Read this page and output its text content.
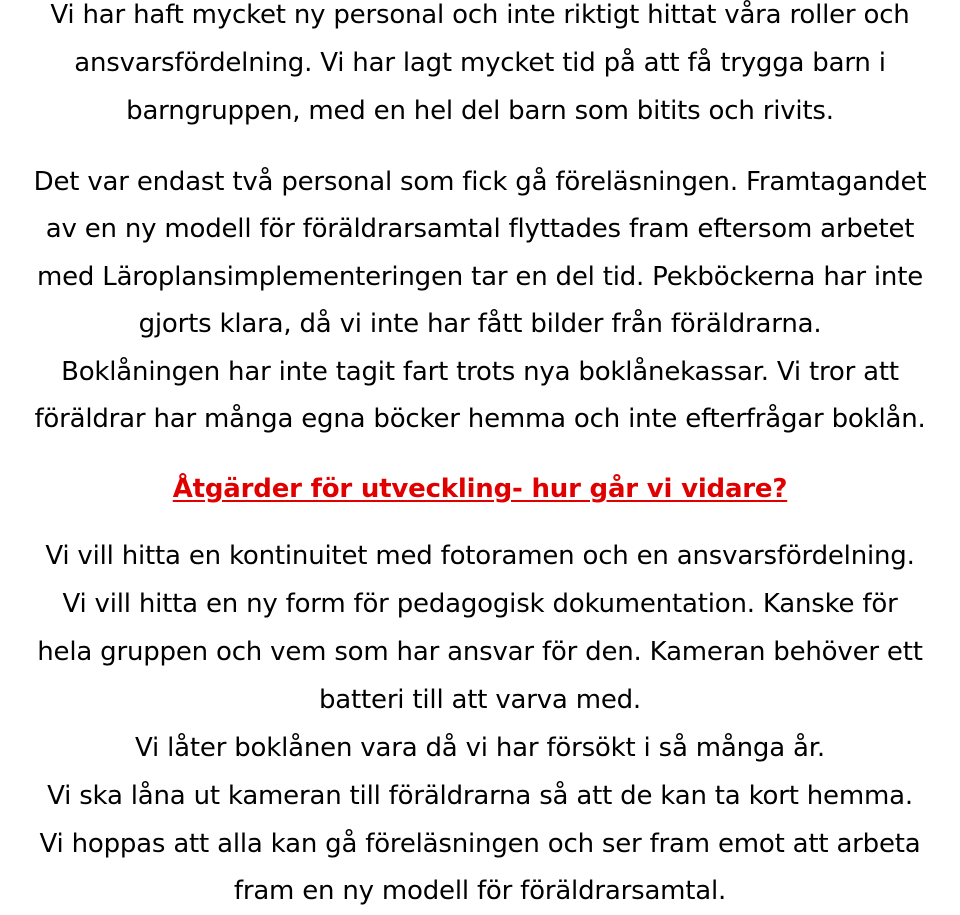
Vi har haft mycket ny personal och inte riktigt hittat våra roller och
ansvarsfördelning. Vi har lagt mycket tid på att få trygga barn i
barngruppen, med en hel del barn som bitits och rivits.
Det var endast två personal som fick gå föreläsningen. Framtagandet
av en ny modell för föräldrarsamtal flyttades fram eftersom arbetet
med Läroplansimplementeringen tar en del tid. Pekböckerna har inte
gjorts klara, då vi inte har fått bilder från föräldrarna.
Boklåningen har inte tagit fart trots nya boklånekassar. Vi tror att
föräldrar har många egna böcker hemma och inte efterfrågar boklån.
Åtgärder för utveckling- hur går vi vidare?
Vi vill hitta en kontinuitet med fotoramen och en ansvarsfördelning.
Vi vill hitta en ny form för pedagogisk dokumentation. Kanske för
hela gruppen och vem som har ansvar för den. Kameran behöver ett
batteri till att varva med.
Vi låter boklånen vara då vi har försökt i så många år.
Vi ska låna ut kameran till föräldrarna så att de kan ta kort hemma.
Vi hoppas att alla kan gå föreläsningen och ser fram emot att arbeta
fram en ny modell för föräldrarsamtal.
